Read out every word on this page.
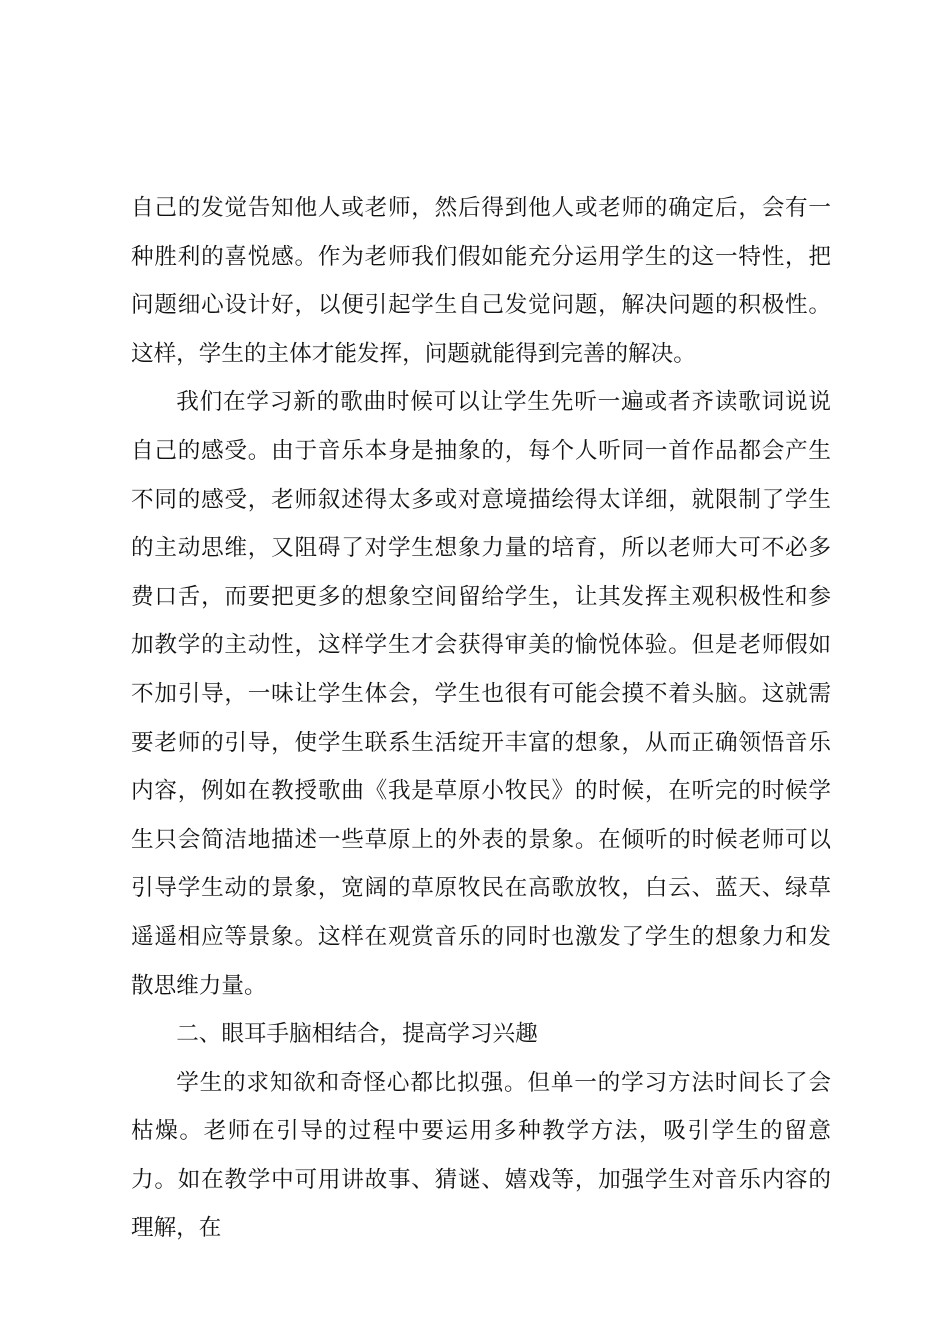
自己的发觉告知他人或老师，然后得到他人或老师的确定后，会有一种胜利的喜悦感。作为老师我们假如能充分运用学生的这一特性，把问题细心设计好，以便引起学生自己发觉问题，解决问题的积极性。这样，学生的主体才能发挥，问题就能得到完善的解决。

我们在学习新的歌曲时候可以让学生先听一遍或者齐读歌词说说自己的感受。由于音乐本身是抽象的，每个人听同一首作品都会产生不同的感受，老师叙述得太多或对意境描绘得太详细，就限制了学生的主动思维，又阻碍了对学生想象力量的培育，所以老师大可不必多费口舌，而要把更多的想象空间留给学生，让其发挥主观积极性和参加教学的主动性，这样学生才会获得审美的愉悦体验。但是老师假如不加引导，一味让学生体会，学生也很有可能会摸不着头脑。这就需要老师的引导，使学生联系生活绽开丰富的想象，从而正确领悟音乐内容，例如在教授歌曲《我是草原小牧民》的时候，在听完的时候学生只会简洁地描述一些草原上的外表的景象。在倾听的时候老师可以引导学生动的景象，宽阔的草原牧民在高歌放牧，白云、蓝天、绿草遥遥相应等景象。这样在观赏音乐的同时也激发了学生的想象力和发散思维力量。

二、眼耳手脑相结合，提高学习兴趣

学生的求知欲和奇怪心都比拟强。但单一的学习方法时间长了会枯燥。老师在引导的过程中要运用多种教学方法，吸引学生的留意力。如在教学中可用讲故事、猜谜、嬉戏等，加强学生对音乐内容的理解，在
